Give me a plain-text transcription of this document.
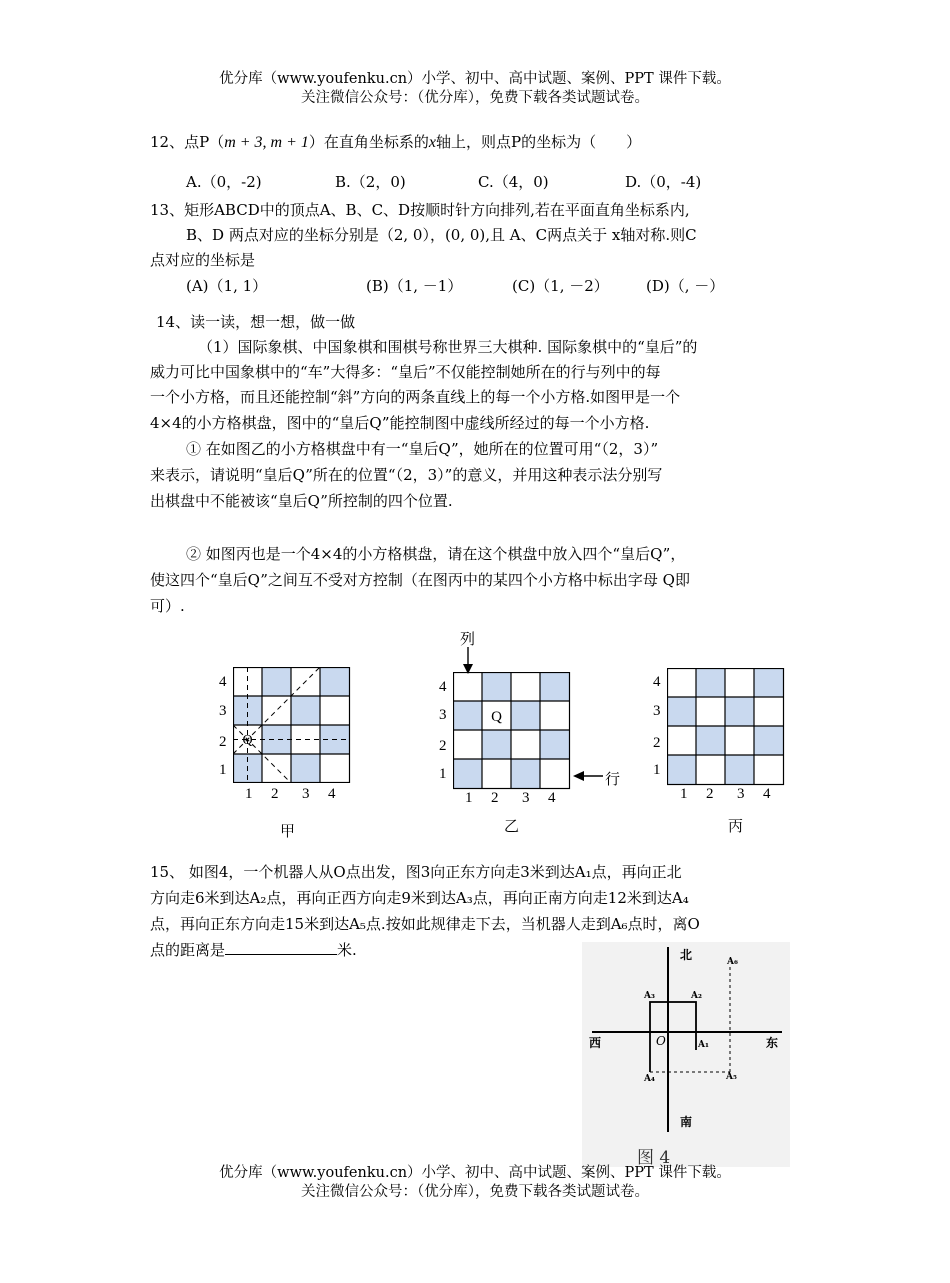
优分库（www.youfenku.cn）小学、初中、高中试题、案例、PPT 课件下载。
关注微信公众号：（优分库），免费下载各类试题试卷。
12、点P（m + 3, m + 1）在直角坐标系的x轴上，则点P的坐标为（　　）
A.（0，-2)	B.（2，0)	C.（4，0)	D.（0，-4)
13、矩形ABCD中的顶点A、B、C、D按顺时针方向排列,若在平面直角坐标系内,
B、D 两点对应的坐标分别是（2, 0），(0, 0),且 A、C两点关于 x轴对称.则C
点对应的坐标是
(A)（1, 1）	(B)（1, －1）	(C)（1, －2） (D)（, －）
14、读一读，想一想，做一做
（1）国际象棋、中国象棋和围棋号称世界三大棋种. 国际象棋中的“皇后”的
威力可比中国象棋中的“车”大得多：“皇后”不仅能控制她所在的行与列中的每
一个小方格，而且还能控制“斜”方向的两条直线上的每一个小方格.如图甲是一个
4×4的小方格棋盘，图中的“皇后Q”能控制图中虚线所经过的每一个小方格.
① 在如图乙的小方格棋盘中有一“皇后Q”，她所在的位置可用“（2，3）”
来表示，请说明“皇后Q”所在的位置“（2，3）”的意义，并用这种表示法分别写
出棋盘中不能被该“皇后Q”所控制的四个位置.
② 如图丙也是一个4×4的小方格棋盘，请在这个棋盘中放入四个“皇后Q”，
使这四个“皇后Q”之间互不受对方控制（在图丙中的某四个小方格中标出字母 Q即
可）.
Q
4
3
2
1
1 2 3 4
甲
列
Q
4
3
2
1
1 2 3 4
行
乙
4
3
2
1
1 2 3 4
丙
15、 如图4，一个机器人从O点出发，图3向正东方向走3米到达A₁点，再向正北
方向走6米到达A₂点，再向正西方向走9米到达A₃点，再向正南方向走12米到达A₄
点，再向正东方向走15米到达A₅点.按如此规律走下去，当机器人走到A₆点时，离O
点的距离是	米.	北
南
西	东
O	A₁
A₂
A₃
A₄	A₅
A₆
图 4
优分库（www.youfenku.cn）小学、初中、高中试题、案例、PPT 课件下载。
关注微信公众号：（优分库），免费下载各类试题试卷。
